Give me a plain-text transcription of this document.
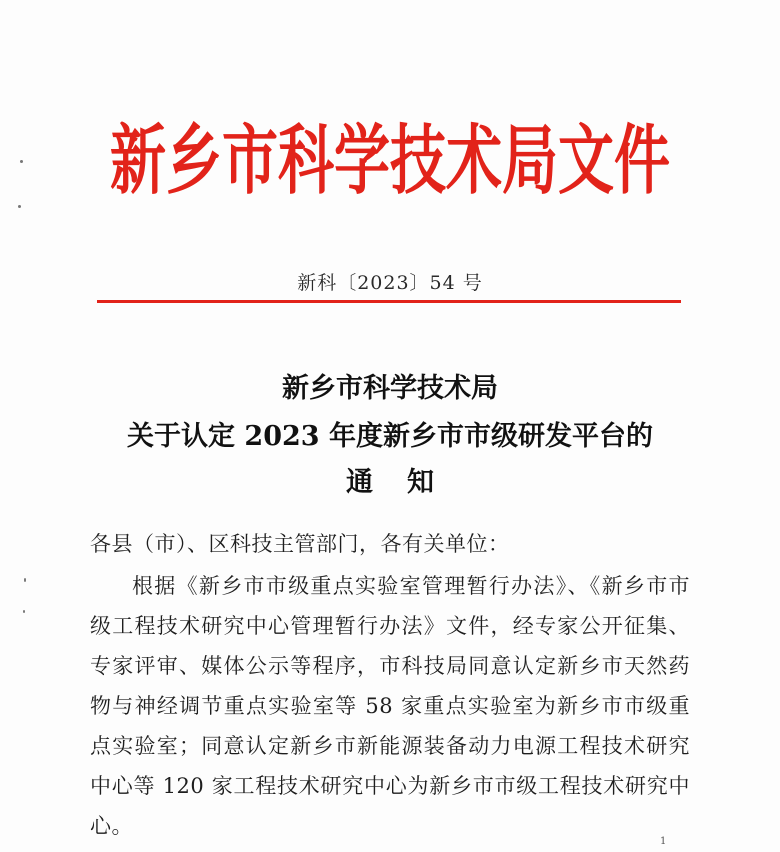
新乡市科学技术局文件
新科〔2023〕54 号
新乡市科学技术局
关于认定 2023 年度新乡市市级研发平台的
通知
各县（市）、区科技主管部门，各有关单位：
根据《新乡市市级重点实验室管理暂行办法》、《新乡市市级工程技术研究中心管理暂行办法》文件，经专家公开征集、专家评审、媒体公示等程序，市科技局同意认定新乡市天然药物与神经调节重点实验室等 58 家重点实验室为新乡市市级重点实验室；同意认定新乡市新能源装备动力电源工程技术研究中心等 120 家工程技术研究中心为新乡市市级工程技术研究中心。
1
